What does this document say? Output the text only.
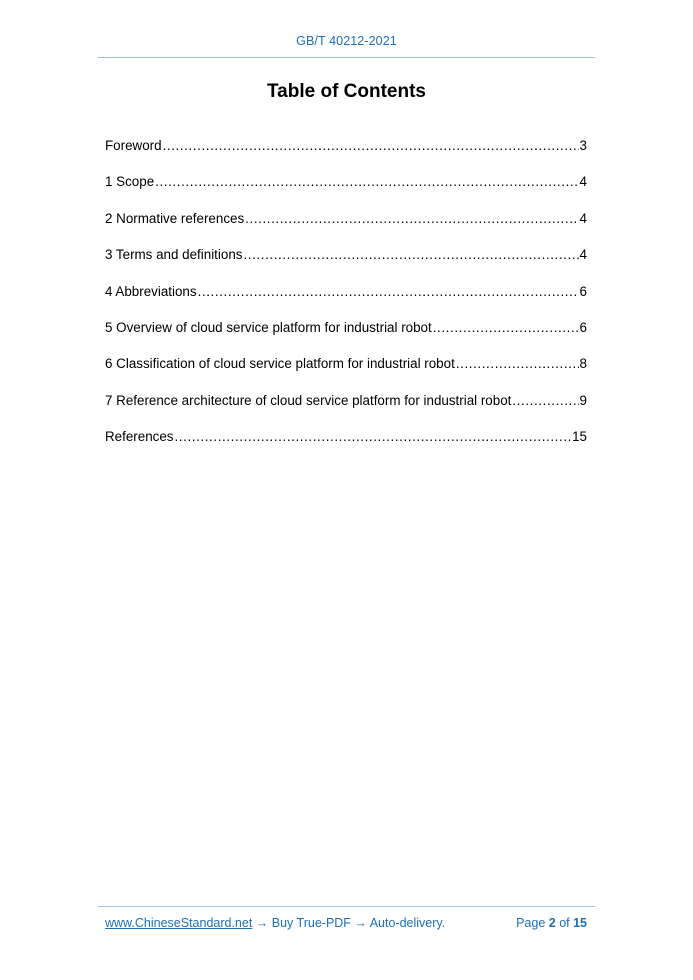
GB/T 40212-2021
Table of Contents
Foreword .....	3
1 Scope .....	4
2 Normative references .....	4
3 Terms and definitions .....	4
4 Abbreviations .....	6
5 Overview of cloud service platform for industrial robot .....	6
6 Classification of cloud service platform for industrial robot .....	8
7 Reference architecture of cloud service platform for industrial robot .....	9
References .....	15
www.ChineseStandard.net → Buy True-PDF → Auto-delivery.	Page 2 of 15
